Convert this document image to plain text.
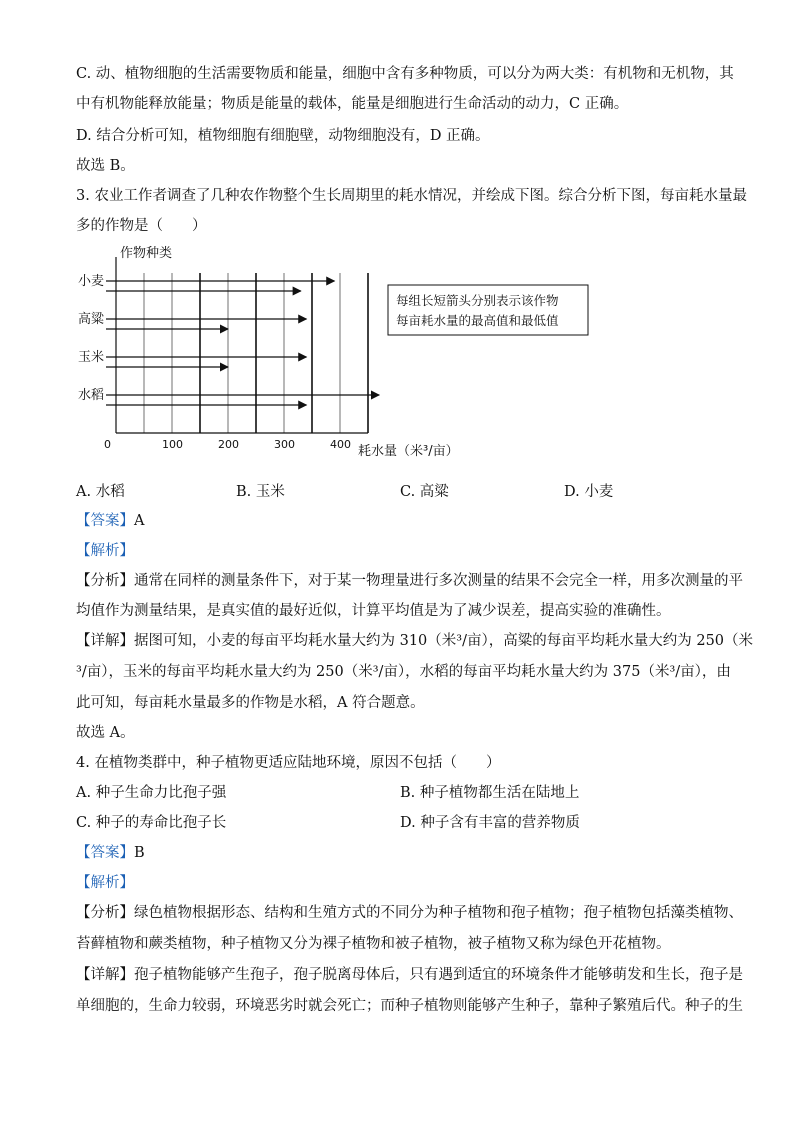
C. 动、植物细胞的生活需要物质和能量，细胞中含有多种物质，可以分为两大类：有机物和无机物，其
中有机物能释放能量；物质是能量的载体，能量是细胞进行生命活动的动力，C 正确。
D. 结合分析可知，植物细胞有细胞壁，动物细胞没有，D 正确。
故选 B。
3. 农业工作者调查了几种农作物整个生长周期里的耗水情况，并绘成下图。综合分析下图，每亩耗水量最
多的作物是（　　）
作物种类
0	100	200	300	400 耗水量（米³/亩）
小麦
高粱
玉米
水稻
每组长短箭头分别表示该作物
每亩耗水量的最高值和最低值
A. 水稻	B. 玉米	C. 高粱	D. 小麦
【答案】A
【解析】
【分析】通常在同样的测量条件下，对于某一物理量进行多次测量的结果不会完全一样，用多次测量的平
均值作为测量结果，是真实值的最好近似，计算平均值是为了减少误差，提高实验的准确性。
【详解】据图可知，小麦的每亩平均耗水量大约为 310（米³/亩），高粱的每亩平均耗水量大约为 250（米
³/亩），玉米的每亩平均耗水量大约为 250（米³/亩），水稻的每亩平均耗水量大约为 375（米³/亩），由
此可知，每亩耗水量最多的作物是水稻，A 符合题意。
故选 A。
4. 在植物类群中，种子植物更适应陆地环境，原因不包括（　　）
A. 种子生命力比孢子强	B. 种子植物都生活在陆地上
C. 种子的寿命比孢子长	D. 种子含有丰富的营养物质
【答案】B
【解析】
【分析】绿色植物根据形态、结构和生殖方式的不同分为种子植物和孢子植物；孢子植物包括藻类植物、
苔藓植物和蕨类植物，种子植物又分为裸子植物和被子植物，被子植物又称为绿色开花植物。
【详解】孢子植物能够产生孢子，孢子脱离母体后，只有遇到适宜的环境条件才能够萌发和生长，孢子是
单细胞的，生命力较弱，环境恶劣时就会死亡；而种子植物则能够产生种子，靠种子繁殖后代。种子的生
